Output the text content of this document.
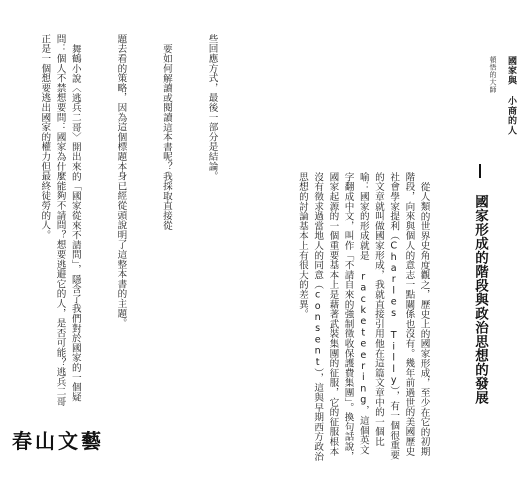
些回應方式，最後一部分是結論。

要如何解讀或閱讀這本書呢？我採取直接從

題去看的策略，因為這個標題本身已經從頭說明了這整本書的主題。

舞鶴小說〈逃兵二哥〉開出來的「國家從來不請問」，隱含了我們對於國家的一個疑問：個人不禁想要問：國家為什麼能夠不請問？想要逃避它的人，是否可能？逃兵二哥正是一個想要逃出國家的權力但最終徒勞的人。

從人類的世界史角度觀之，歷史上的國家形成，至少在它的初期階段，向來與個人的意志一點關係也沒有。幾年前過世的美國歷史社會學家提利（Charles Tilly），有一個很重要的文章就叫做國家形成，我就直接引用他在這篇文章中的一個比喻：國家的形成就是 racketeering，這個英文字翻成中文，叫作「不請自來的強制徵收保護費集團」。換句話說，國家起源的一個重要基本上是藉著武裝集團的征服，它的征服根本沒有徵求過當地人的同意（consent），這與早期西方政治思想的討論基本上有很大的差異。

	國家形成的階段與政治思想的發展
頓悟的大師 國家與 小商的人
春山文藝
